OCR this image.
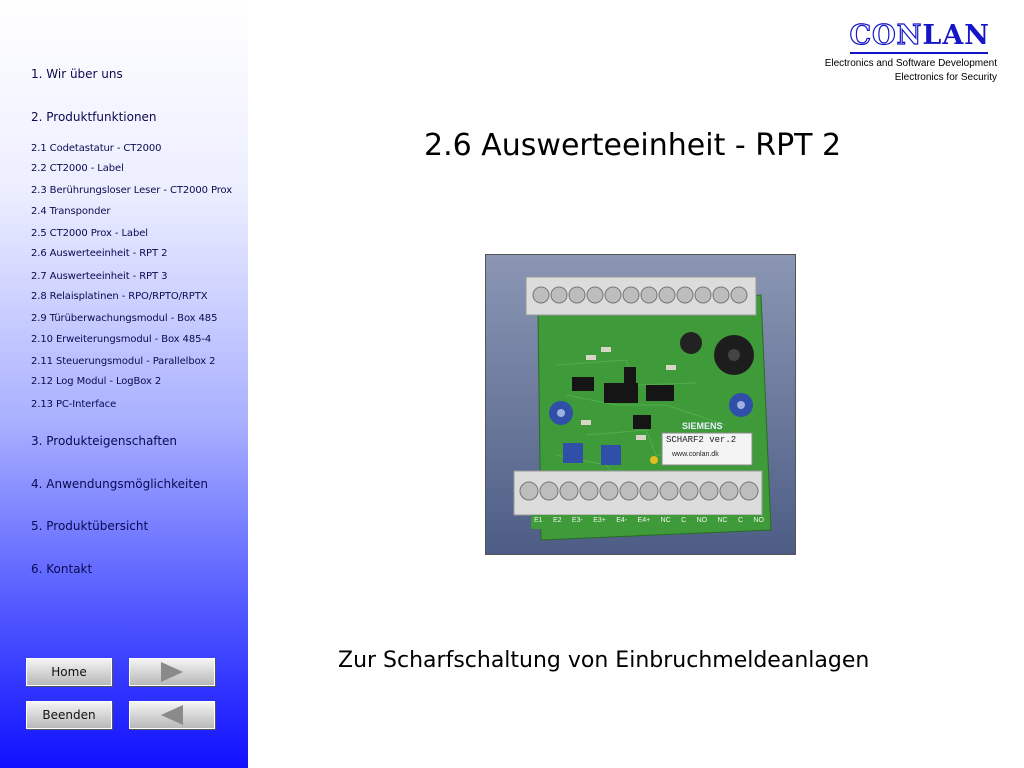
1. Wir über uns
2. Produktfunktionen
2.1 Codetastatur - CT2000
2.2 CT2000 - Label
2.3 Berührungsloser Leser - CT2000 Prox
2.4 Transponder
2.5 CT2000 Prox - Label
2.6 Auswerteeinheit - RPT 2
2.7 Auswerteeinheit - RPT 3
2.8 Relaisplatinen - RPO/RPTO/RPTX
2.9 Türüberwachungsmodul - Box 485
2.10 Erweiterungsmodul - Box 485-4
2.11 Steuerungsmodul - Parallelbox 2
2.12 Log Modul - LogBox 2
2.13 PC-Interface
3. Produkteigenschaften
4. Anwendungsmöglichkeiten
5. Produktübersicht
6. Kontakt
Home
Beenden
CONLAN
Electronics and Software Development
Electronics for Security
2.6 Auswerteeinheit - RPT 2
SIEMENS
SCHARF2 ver.2
www.conlan.dk
E1 E2 E3- E3+ E4- E4+ NC C NO NC C NO

Zur Scharfschaltung von Einbruchmeldeanlagen
